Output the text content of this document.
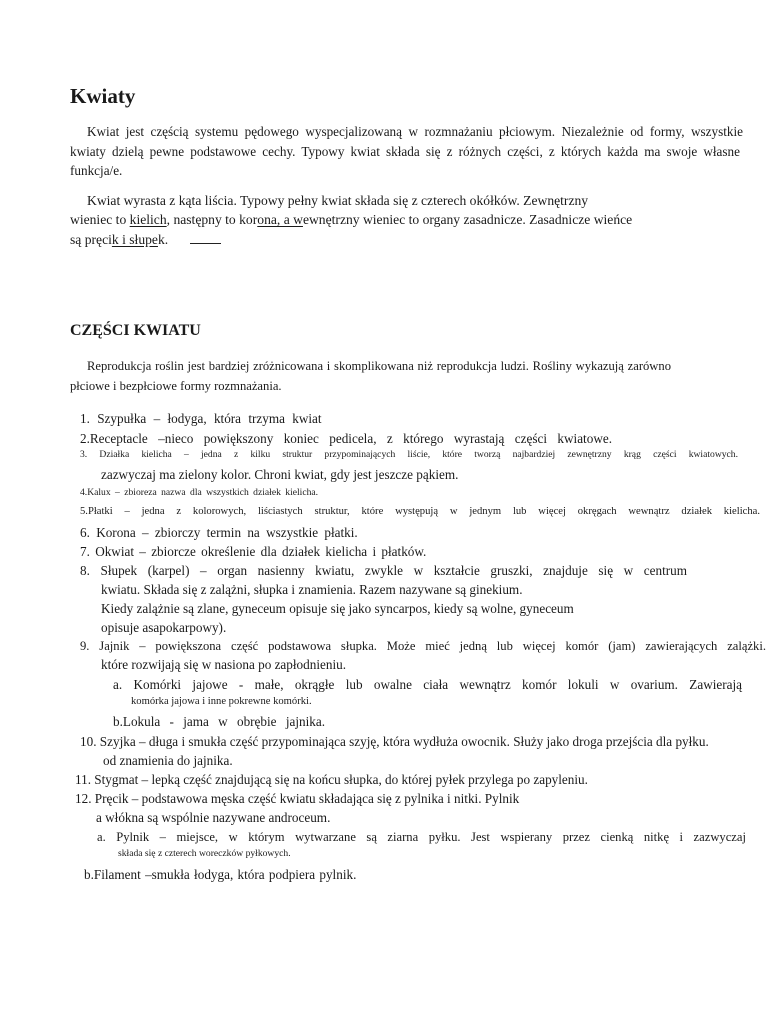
Kwiaty
Kwiat jest częścią systemu pędowego wyspecjalizowaną w rozmnażaniu płciowym. Niezależnie od formy, wszystkie
kwiaty dzielą pewne podstawowe cechy. Typowy kwiat składa się z różnych części, z których każda ma swoje własne
funkcja/e.
Kwiat wyrasta z kąta liścia. Typowy pełny kwiat składa się z czterech okółków. Zewnętrzny
wieniec to kielich, następny to korona, a wewnętrzny wieniec to organy zasadnicze. Zasadnicze wieńce
są pręcik i słupek.
CZĘŚCI KWIATU
Reprodukcja roślin jest bardziej zróżnicowana i skomplikowana niż reprodukcja ludzi. Rośliny wykazują zarówno
płciowe i bezpłciowe formy rozmnażania.
1. Szypułka – łodyga, która trzyma kwiat
2.Receptacle –nieco powiększony koniec pedicela, z którego wyrastają części kwiatowe.
3. Działka kielicha – jedna z kilku struktur przypominających liście, które tworzą najbardziej zewnętrzny krąg części kwiatowych.
zazwyczaj ma zielony kolor. Chroni kwiat, gdy jest jeszcze pąkiem.
4.Kalux – zbioreza nazwa dla wszystkich działek kielicha.
5.Płatki – jedna z kolorowych, liściastych struktur, które występują w jednym lub więcej okręgach wewnątrz działek kielicha.
6. Korona – zbiorczy termin na wszystkie płatki.
7. Okwiat – zbiorcze określenie dla działek kielicha i płatków.
8. Słupek (karpel) – organ nasienny kwiatu, zwykle w kształcie gruszki, znajduje się w centrum
kwiatu. Składa się z zalążni, słupka i znamienia. Razem nazywane są ginekium.
Kiedy zalążnie są zlane, gyneceum opisuje się jako syncarpos, kiedy są wolne, gyneceum
opisuje asapokarpowy).
9. Jajnik – powiększona część podstawowa słupka. Może mieć jedną lub więcej komór (jam) zawierających zalążki.
które rozwijają się w nasiona po zapłodnieniu.
a. Komórki jajowe - małe, okrągłe lub owalne ciała wewnątrz komór lokuli w ovarium. Zawierają
komórka jajowa i inne pokrewne komórki.
b.Lokula - jama w obrębie jajnika.
10. Szyjka – długa i smukła część przypominająca szyję, która wydłuża owocnik. Służy jako droga przejścia dla pyłku.
od znamienia do jajnika.
11. Stygmat – lepką część znajdującą się na końcu słupka, do której pyłek przylega po zapyleniu.
12. Pręcik – podstawowa męska część kwiatu składająca się z pylnika i nitki. Pylnik
a włókna są wspólnie nazywane androceum.
a. Pylnik – miejsce, w którym wytwarzane są ziarna pyłku. Jest wspierany przez cienką nitkę i zazwyczaj
składa się z czterech woreczków pyłkowych.
b.Filament –smukła łodyga, która podpiera pylnik.
